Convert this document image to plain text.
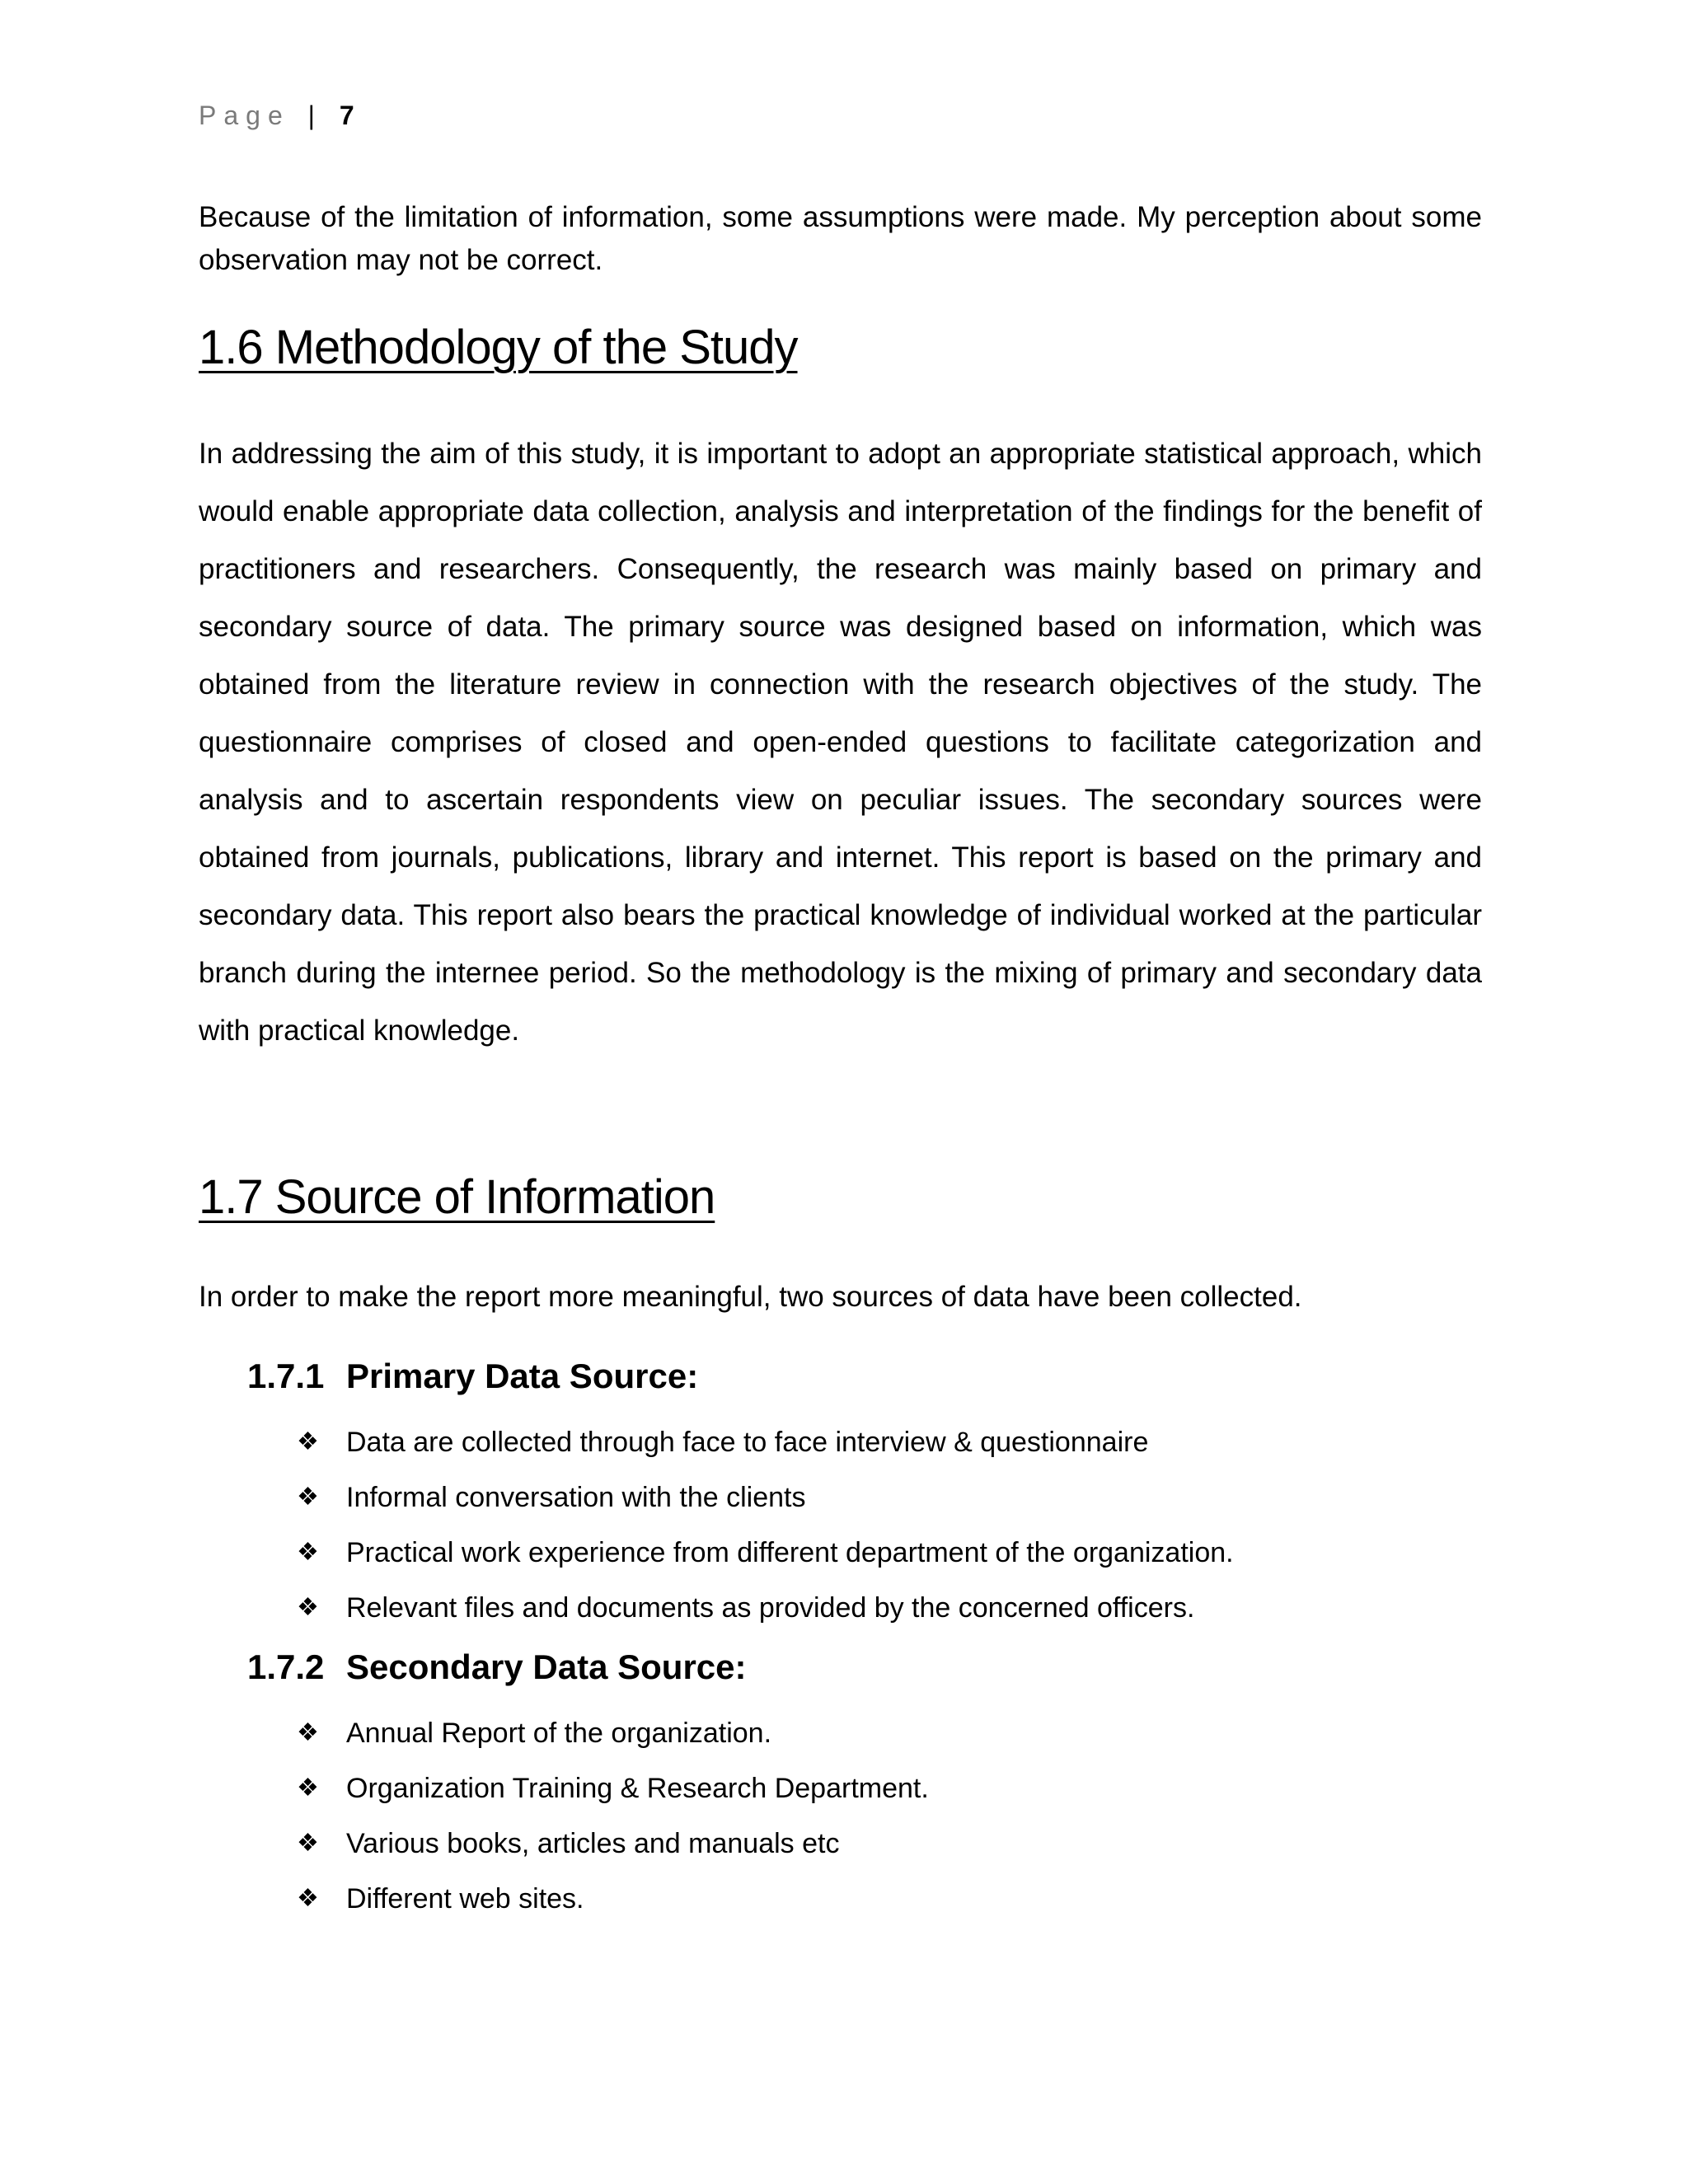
Page | 7

Because of the limitation of information, some assumptions were made. My perception about some observation may not be correct.

1.6 Methodology of the Study

In addressing the aim of this study, it is important to adopt an appropriate statistical approach, which would enable appropriate data collection, analysis and interpretation of the findings for the benefit of practitioners and researchers. Consequently, the research was mainly based on primary and secondary source of data. The primary source was designed based on information, which was obtained from the literature review in connection with the research objectives of the study. The questionnaire comprises of closed and open-ended questions to facilitate categorization and analysis and to ascertain respondents view on peculiar issues. The secondary sources were obtained from journals, publications, library and internet. This report is based on the primary and secondary data. This report also bears the practical knowledge of individual worked at the particular branch during the internee period. So the methodology is the mixing of primary and secondary data with practical knowledge.

1.7 Source of Information

In order to make the report more meaningful, two sources of data have been collected.

1.7.1 Primary Data Source:
❖ Data are collected through face to face interview & questionnaire
❖ Informal conversation with the clients
❖ Practical work experience from different department of the organization.
❖ Relevant files and documents as provided by the concerned officers.
1.7.2 Secondary Data Source:
❖ Annual Report of the organization.
❖ Organization Training & Research Department.
❖ Various books, articles and manuals etc
❖ Different web sites.
